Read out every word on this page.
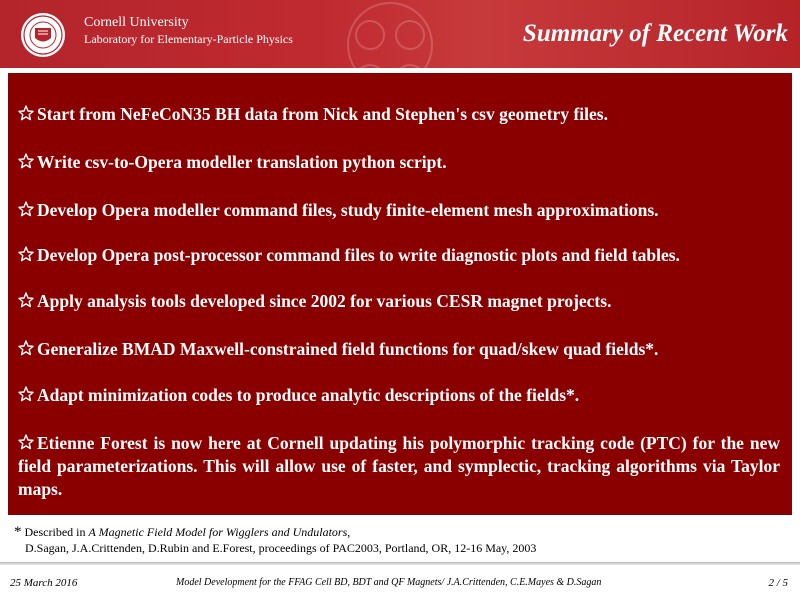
Cornell University
Laboratory for Elementary-Particle Physics	Summary of Recent Work
Start from NeFeCoN35 BH data from Nick and Stephen's csv geometry files.
Write csv-to-Opera modeller translation python script.
Develop Opera modeller command files, study finite-element mesh approximations.
Develop Opera post-processor command files to write diagnostic plots and field tables.
Apply analysis tools developed since 2002 for various CESR magnet projects.
Generalize BMAD Maxwell-constrained field functions for quad/skew quad fields*.
Adapt minimization codes to produce analytic descriptions of the fields*.
Etienne Forest is now here at Cornell updating his polymorphic tracking code (PTC) for the new field parameterizations. This will allow use of faster, and symplectic, tracking algorithms via Taylor maps.
* Described in A Magnetic Field Model for Wigglers and Undulators,
D.Sagan, J.A.Crittenden, D.Rubin and E.Forest, proceedings of PAC2003, Portland, OR, 12-16 May, 2003
25 March 2016	Model Development for the FFAG Cell BD, BDT and QF Magnets/ J.A.Crittenden, C.E.Mayes & D.Sagan	2 / 5
